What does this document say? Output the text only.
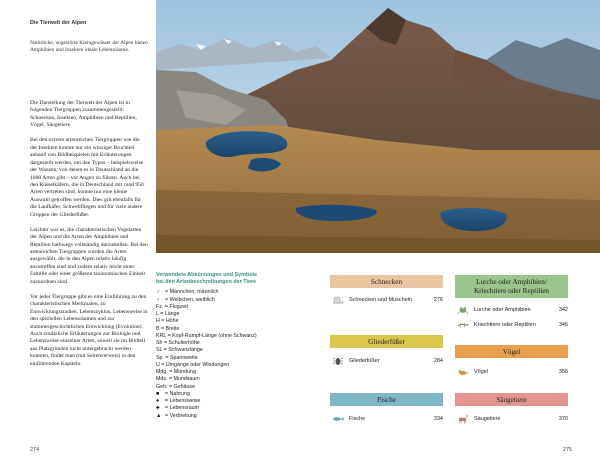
Die Tierwelt der Alpen
Natürliche, ungestörte Kleingewässer der Alpen bieten Amphibien und Insekten ideale Lebensräume.

Die Darstellung der Tierwelt der Alpen ist in folgenden Tiergruppen zusammengestellt: Schnecken, Insekten, Amphibien und Reptilien, Vögel, Säugetiere.

Bei den extrem artenreichen Tiergruppen wie die der Insekten konnte nur ein winziger Bruchteil anhand von Bildbeispielen mit Erläuterungen dargestellt werden, um den Typus – beispielsweise der Wanzen, von denen es in Deutschland an die 1000 Arten gibt – vor Augen zu führen. Auch bei den Rüsselkäfern, die in Deutschland mit rund 950 Arten vertreten sind, konnte nur eine kleine Auswahl getroffen werden. Dies gilt ebenfalls für die Laufkäfer, Schwebfliegen und für viele andere Gruppen der Gliederfüßer.

Leichter war es, die charakteristischen Vogelarten der Alpen und die Arten der Amphibien und Reptilien halbwegs vollständig darzustellen. Bei den artenreichen Tiergruppen wurden die Arten ausgewählt, die in den Alpen relativ häufig anzutreffen sind und zudem relativ leicht einer Familie oder einer größeren taxonomischen Einheit zuzuordnen sind.

Vor jeder Tiergruppe gibt es eine Einführung zu den charakteristischen Merkmalen, zu Entwicklungsstadien, Lebenszyklus, Lebensweise in den speziellen Lebensräumen und zur stammesgeschichtlichen Entwicklung (Evolution). Auch zusätzliche Erläuterungen zur Biologie und Lebensweise einzelner Arten, soweit sie im Bildteil aus Platzgründen nicht untergebracht werden konnten, findet man (mit Seitenverweis) in den einführenden Kapiteln.

274
Verwendete Abkürzungen und Symbole
bei den Artenbeschreibungen der Tiere
♂ = Männchen, männlich
♀ = Weibchen, weiblich
Fz. = Flugzeit
L = Länge
H = Höhe
B = Breite
KRL = Kopf-Rumpf-Länge (ohne Schwanz)
Sh = Schulterhöhe
SL = Schwanzlänge
Sp. = Spannweite
U = Umgänge oder Windungen
Mdg. = Mündung
Mds. = Mundsaum
Geh. = Gehäuse
■ = Nahrung
● = Lebensweise
♣ = Lebensraum
▲ = Verbreitung
Schnecken
Schnecken und Muscheln	276
Gliederfüßer
Gliederfüßer	284
Fische
Fische	334
Lurche oder Amphibien/
Kriechtiere oder Reptilien
Lurche oder Amphibien	342
Kriechtiere oder Reptilien	346
Vögel
Vögel	356
Säugetiere
Säugetiere	370
275
